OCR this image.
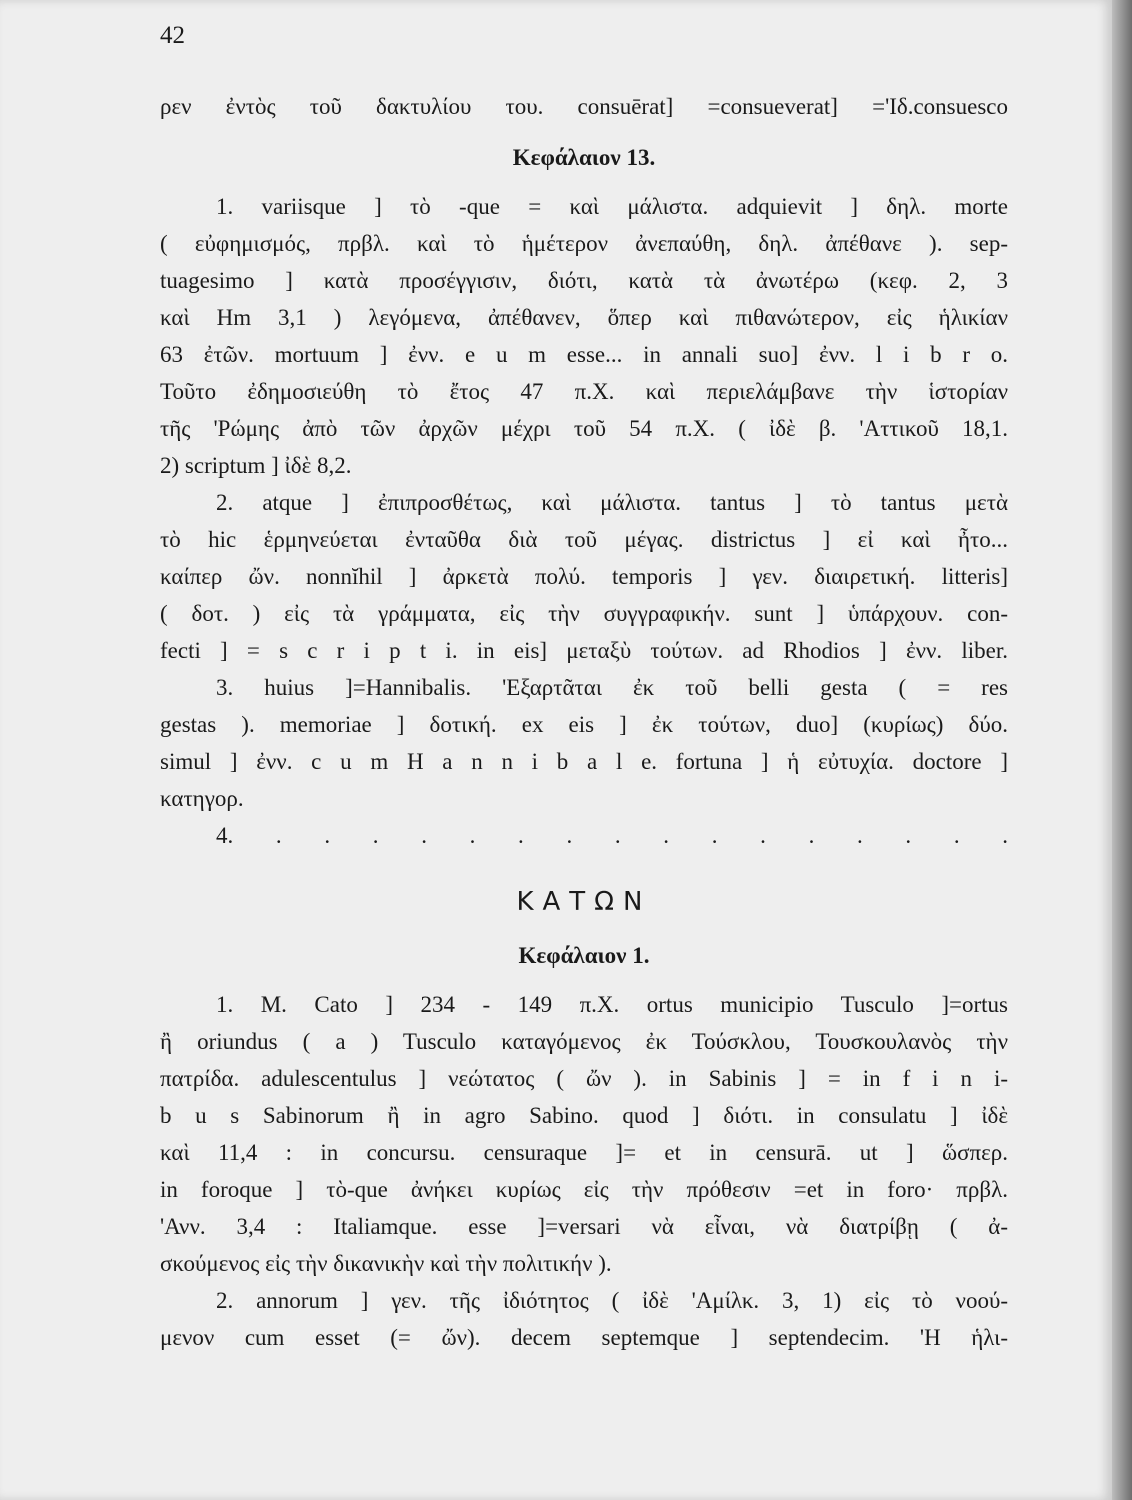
42
ρεν ἐντὸς τοῦ δακτυλίου του. consuērat] =consueverat] ='Ιδ.consuesco
Κεφάλαιον 13.
1. variisque ] τὸ -que = καὶ μάλιστα. adquievit ] δηλ. morte
( εὐφημισμός, πρβλ. καὶ τὸ ἡμέτερον ἀνεπαύθη, δηλ. ἀπέθανε ). sep-
tuagesimo ] κατὰ προσέγγισιν, διότι, κατὰ τὰ ἀνωτέρω (κεφ. 2, 3
καὶ Hm 3,1 ) λεγόμενα, ἀπέθανεν, ὅπερ καὶ πιθανώτερον, εἰς ἡλικίαν
63 ἐτῶν. mortuum ] ἐνν. e u m esse... in annali suo] ἐνν. l i b r o.
Τοῦτο ἐδημοσιεύθη τὸ ἔτος 47 π.Χ. καὶ περιελάμβανε τὴν ἱστορίαν
τῆς 'Ρώμης ἀπὸ τῶν ἀρχῶν μέχρι τοῦ 54 π.Χ. ( ἰδὲ β. 'Αττικοῦ 18,1.
2) scriptum ] ἰδὲ 8,2.
2. atque ] ἐπιπροσθέτως, καὶ μάλιστα. tantus ] τὸ tantus μετὰ
τὸ hic ἑρμηνεύεται ἐνταῦθα διὰ τοῦ μέγας. districtus ] εἰ καὶ ἦτο...
καίπερ ὤν. nonnĭhil ] ἀρκετὰ πολύ. temporis ] γεν. διαιρετική. litteris]
( δοτ. ) εἰς τὰ γράμματα, εἰς τὴν συγγραφικήν. sunt ] ὑπάρχουν. con-
fecti ] = s c r i p t i. in eis] μεταξὺ τούτων. ad Rhodios ] ἐνν. liber.
3. huius ]=Hannibalis. 'Εξαρτᾶται ἐκ τοῦ belli gesta ( = res
gestas ). memoriae ] δοτική. ex eis ] ἐκ τούτων, duo] (κυρίως) δύο.
simul ] ἐνν. c u m H a n n i b a l e. fortuna ] ἡ εὐτυχία. doctore ]
κατηγορ.
4. . . . . . . . . . . . . . . . .
ΚΑΤΩΝ
Κεφάλαιον 1.
1. M. Cato ] 234 - 149 π.Χ. ortus municipio Tusculo ]=ortus
ἢ oriundus ( a ) Tusculo καταγόμενος ἐκ Τούσκλου, Τουσκουλανὸς τὴν
πατρίδα. adulescentulus ] νεώτατος ( ὤν ). in Sabinis ] = in f i n i-
b u s Sabinorum ἢ in agro Sabino. quod ] διότι. in consulatu ] ἰδὲ
καὶ 11,4 : in concursu. censuraque ]= et in censurā. ut ] ὥσπερ.
in foroque ] τὸ-que ἀνήκει κυρίως εἰς τὴν πρόθεσιν =et in foro· πρβλ.
'Ανν. 3,4 : Italiamque. esse ]=versari νὰ εἶναι, νὰ διατρίβῃ ( ἀ-
σκούμενος εἰς τὴν δικανικὴν καὶ τὴν πολιτικήν ).
2. annorum ] γεν. τῆς ἰδιότητος ( ἰδὲ 'Αμίλκ. 3, 1) εἰς τὸ νοού-
μενον cum esset (= ὤν). decem septemque ] septendecim. 'Η ἡλι-
